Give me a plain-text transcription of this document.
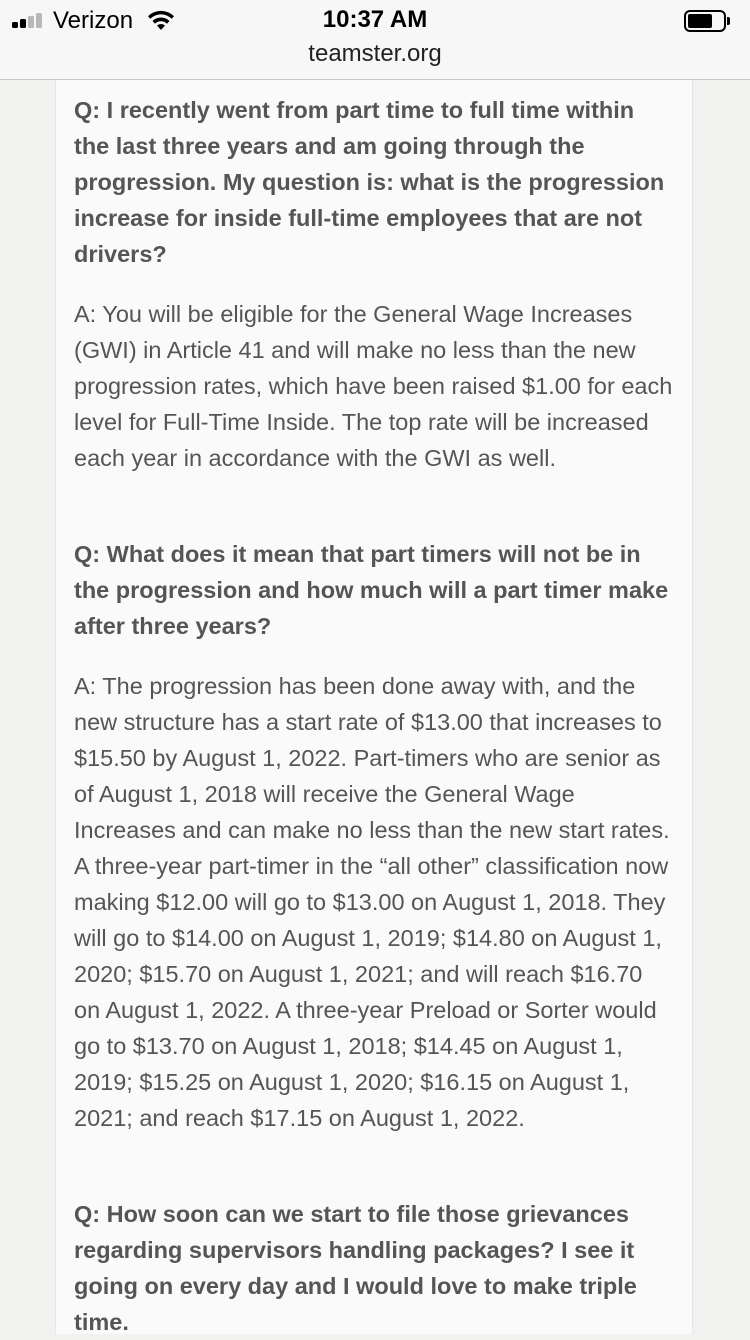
Verizon	10:37 AM
teamster.org

Q: I recently went from part time to full time within the last three years and am going through the progression. My question is: what is the progression increase for inside full-time employees that are not drivers?

A: You will be eligible for the General Wage Increases (GWI) in Article 41 and will make no less than the new progression rates, which have been raised $1.00 for each level for Full-Time Inside. The top rate will be increased each year in accordance with the GWI as well.

Q: What does it mean that part timers will not be in the progression and how much will a part timer make after three years?

A: The progression has been done away with, and the new structure has a start rate of $13.00 that increases to $15.50 by August 1, 2022. Part-timers who are senior as of August 1, 2018 will receive the General Wage Increases and can make no less than the new start rates. A three-year part-timer in the “all other” classification now making $12.00 will go to $13.00 on August 1, 2018. They will go to $14.00 on August 1, 2019; $14.80 on August 1, 2020; $15.70 on August 1, 2021; and will reach $16.70 on August 1, 2022. A three-year Preload or Sorter would go to $13.70 on August 1, 2018; $14.45 on August 1, 2019; $15.25 on August 1, 2020; $16.15 on August 1, 2021; and reach $17.15 on August 1, 2022.

Q: How soon can we start to file those grievances regarding supervisors handling packages? I see it going on every day and I would love to make triple time.
